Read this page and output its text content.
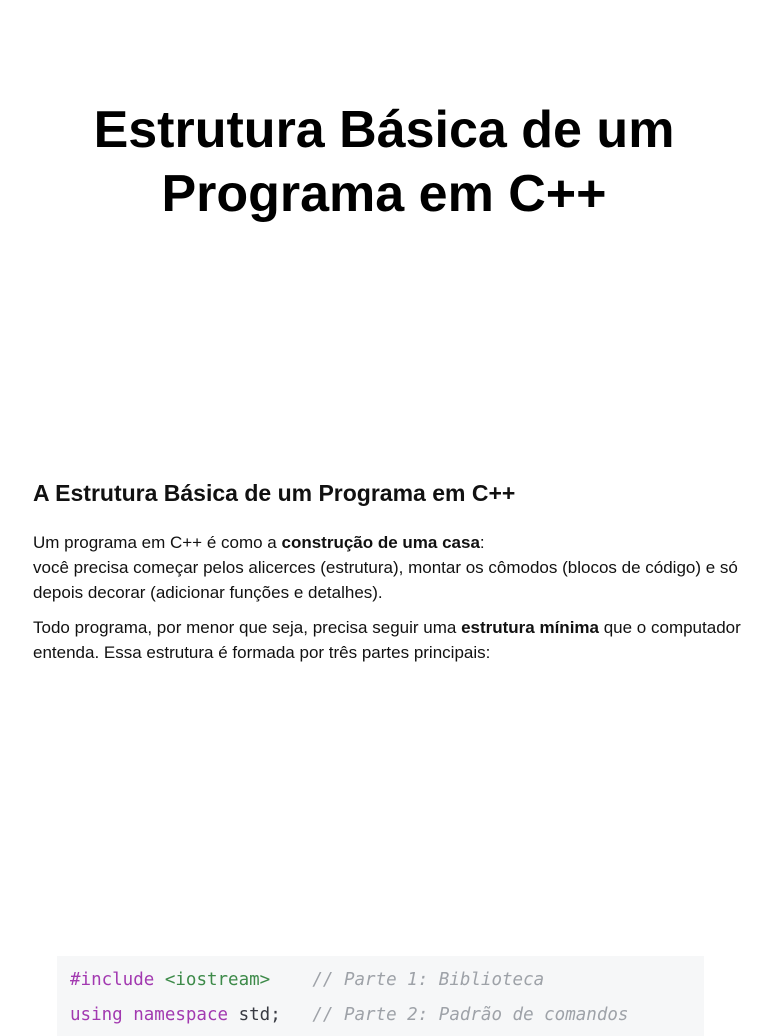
Estrutura Básica de um
Programa em C++
A Estrutura Básica de um Programa em C++

Um programa em C++ é como a construção de uma casa:
você precisa começar pelos alicerces (estrutura), montar os cômodos (blocos de código) e só depois decorar (adicionar funções e detalhes).

Todo programa, por menor que seja, precisa seguir uma estrutura mínima que o computador entenda. Essa estrutura é formada por três partes principais:

#include <iostream> // Parte 1: Biblioteca
using namespace std; // Parte 2: Padrão de comandos
